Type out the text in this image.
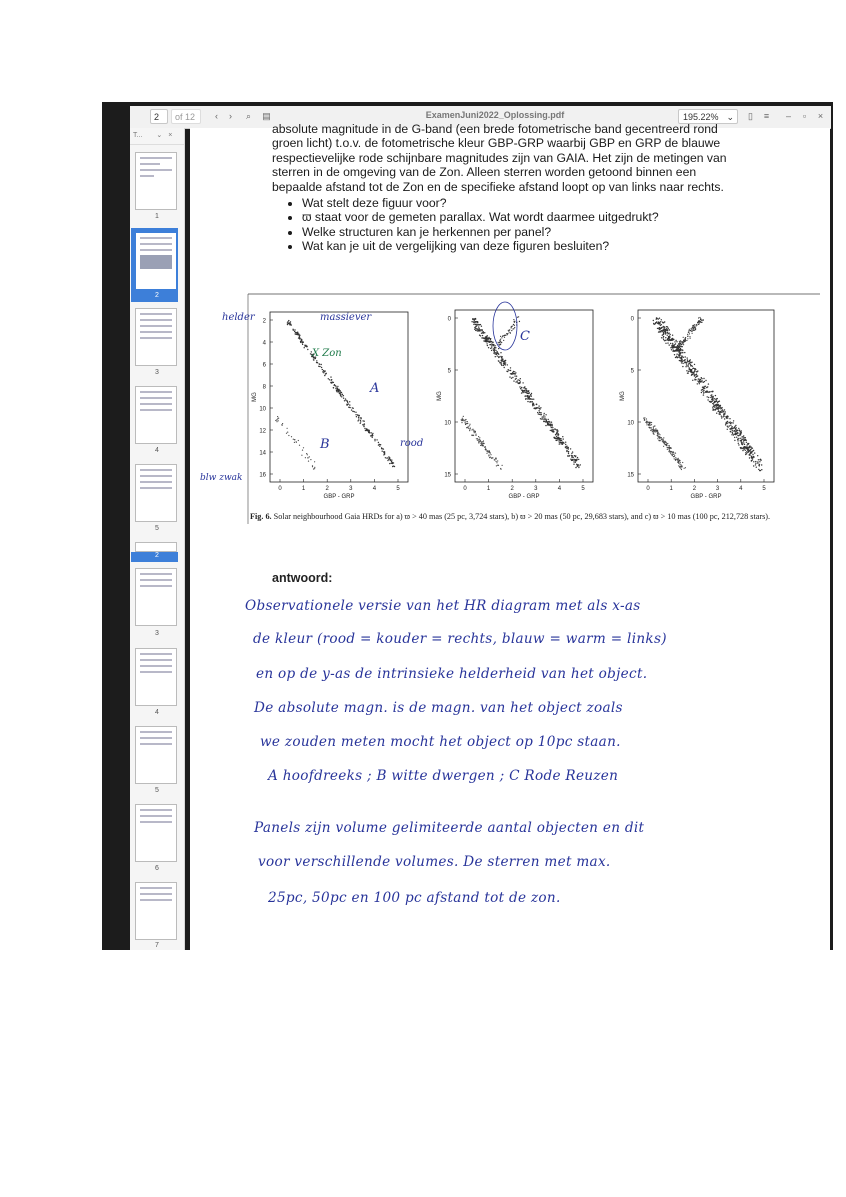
2	of 12	‹	›	⌕	▤	ExamenJuni2022_Oplossing.pdf	195.22% ⌄	▯	≡	–	▫	×
T... ⌄ ×
1
2
3
4
5
2
3
4
5
6
7
absolute magnitude in de G-band (een brede fotometrische band gecentreerd rond
groen licht) t.o.v. de fotometrische kleur GBP-GRP waarbij GBP en GRP de blauwe
respectievelijke rode schijnbare magnitudes zijn van GAIA. Het zijn de metingen van
sterren in de omgeving van de Zon. Alleen sterren worden getoond binnen een
bepaalde afstand tot de Zon en de specifieke afstand loopt op van links naar rechts.
• Wat stelt deze figuur voor?
• ϖ staat voor de gemeten parallax. Wat wordt daarmee uitgedrukt?
• Welke structuren kan je herkennen per panel?
• Wat kan je uit de vergelijking van deze figuren besluiten?
2
4
6
8
10
12
14
16
0	1	2	3	4	5
GBP - GRP
MG
0
5
10
15
0	1	2	3	4	5
GBP - GRP
MG
0
5
10
15
0	1	2	3	4	5
GBP - GRP
MG
helder	massiever
X Zon
A
B	rood
blw zwak
C
Fig. 6. Solar neighbourhood Gaia HRDs for a) ϖ > 40 mas (25 pc, 3,724 stars), b) ϖ > 20 mas (50 pc, 29,683 stars), and c) ϖ > 10 mas (100 pc, 212,728 stars).
antwoord:
Observationele versie van het HR diagram met als x-as
de kleur (rood = kouder = rechts, blauw = warm = links)
en op de y-as de intrinsieke helderheid van het object.
De absolute magn. is de magn. van het object zoals
we zouden meten mocht het object op 10pc staan.
A hoofdreeks ; B witte dwergen ; C Rode Reuzen
Panels zijn volume gelimiteerde aantal objecten en dit
voor verschillende volumes. De sterren met max.
25pc, 50pc en 100 pc afstand tot de zon.
